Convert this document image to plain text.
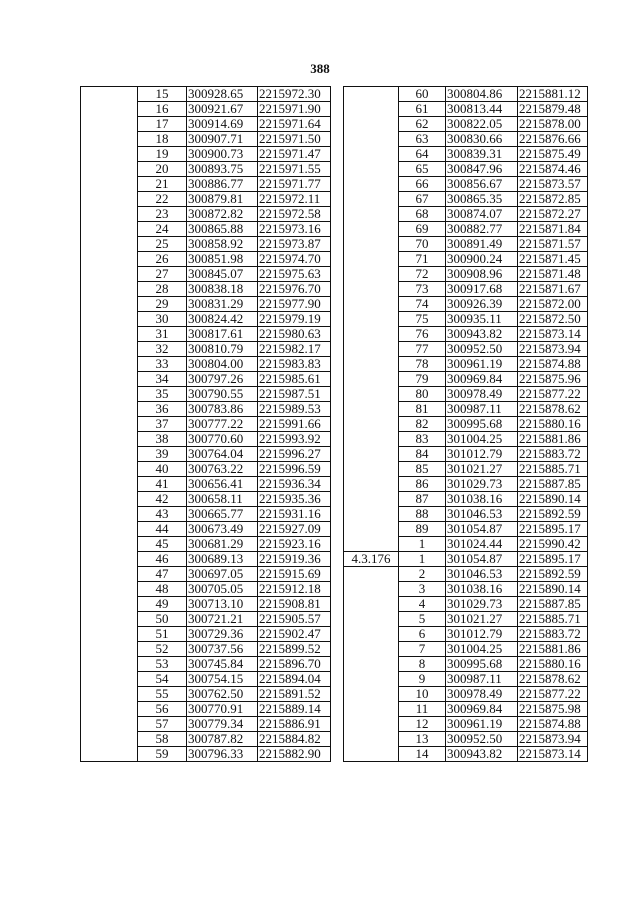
388
	15	300928.65	2215972.30
	16	300921.67	2215971.90
	17	300914.69	2215971.64
	18	300907.71	2215971.50
	19	300900.73	2215971.47
	20	300893.75	2215971.55
	21	300886.77	2215971.77
	22	300879.81	2215972.11
	23	300872.82	2215972.58
	24	300865.88	2215973.16
	25	300858.92	2215973.87
	26	300851.98	2215974.70
	27	300845.07	2215975.63
	28	300838.18	2215976.70
	29	300831.29	2215977.90
	30	300824.42	2215979.19
	31	300817.61	2215980.63
	32	300810.79	2215982.17
	33	300804.00	2215983.83
	34	300797.26	2215985.61
	35	300790.55	2215987.51
	36	300783.86	2215989.53
	37	300777.22	2215991.66
	38	300770.60	2215993.92
	39	300764.04	2215996.27
	40	300763.22	2215996.59
	41	300656.41	2215936.34
	42	300658.11	2215935.36
	43	300665.77	2215931.16
	44	300673.49	2215927.09
	45	300681.29	2215923.16
	46	300689.13	2215919.36
	47	300697.05	2215915.69
	48	300705.05	2215912.18
	49	300713.10	2215908.81
	50	300721.21	2215905.57
	51	300729.36	2215902.47
	52	300737.56	2215899.52
	53	300745.84	2215896.70
	54	300754.15	2215894.04
	55	300762.50	2215891.52
	56	300770.91	2215889.14
	57	300779.34	2215886.91
	58	300787.82	2215884.82
	59	300796.33	2215882.90
	60	300804.86	2215881.12
	61	300813.44	2215879.48
	62	300822.05	2215878.00
	63	300830.66	2215876.66
	64	300839.31	2215875.49
	65	300847.96	2215874.46
	66	300856.67	2215873.57
	67	300865.35	2215872.85
	68	300874.07	2215872.27
	69	300882.77	2215871.84
	70	300891.49	2215871.57
	71	300900.24	2215871.45
	72	300908.96	2215871.48
	73	300917.68	2215871.67
	74	300926.39	2215872.00
	75	300935.11	2215872.50
	76	300943.82	2215873.14
	77	300952.50	2215873.94
	78	300961.19	2215874.88
	79	300969.84	2215875.96
	80	300978.49	2215877.22
	81	300987.11	2215878.62
	82	300995.68	2215880.16
	83	301004.25	2215881.86
	84	301012.79	2215883.72
	85	301021.27	2215885.71
	86	301029.73	2215887.85
	87	301038.16	2215890.14
	88	301046.53	2215892.59
	89	301054.87	2215895.17
	1	301024.44	2215990.42
4.3.176	1	301054.87	2215895.17
	2	301046.53	2215892.59
	3	301038.16	2215890.14
	4	301029.73	2215887.85
	5	301021.27	2215885.71
	6	301012.79	2215883.72
	7	301004.25	2215881.86
	8	300995.68	2215880.16
	9	300987.11	2215878.62
	10	300978.49	2215877.22
	11	300969.84	2215875.98
	12	300961.19	2215874.88
	13	300952.50	2215873.94
	14	300943.82	2215873.14
